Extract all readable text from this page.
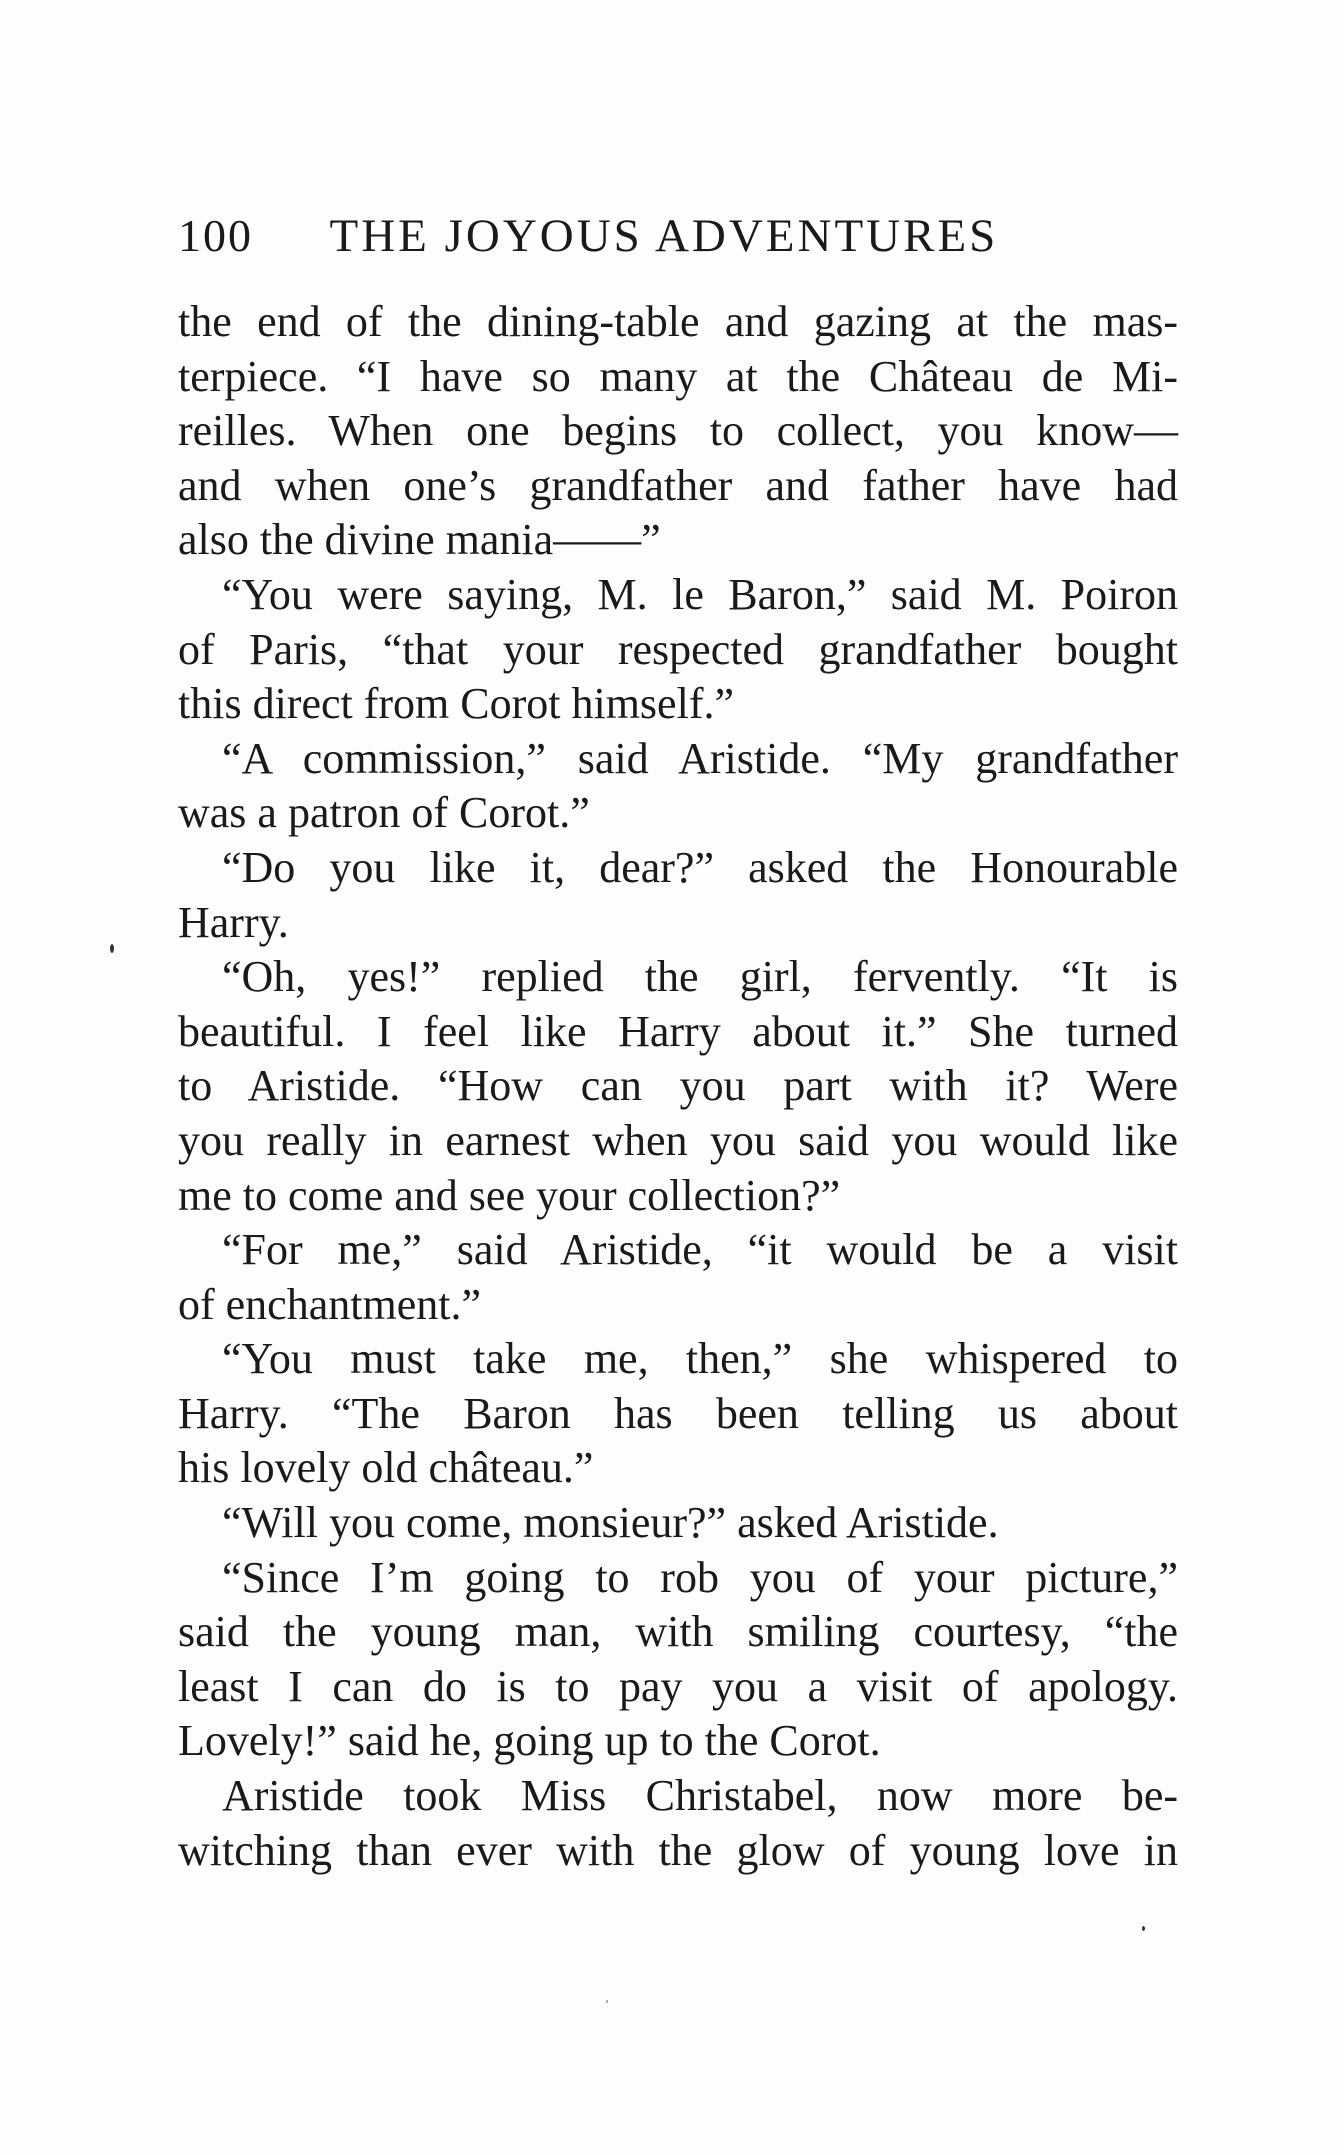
100 THE JOYOUS ADVENTURES
the end of the dining-table and gazing at the mas-
terpiece. “I have so many at the Château de Mi-
reilles. When one begins to collect, you know—
and when one’s grandfather and father have had
also the divine mania——”
“You were saying, M. le Baron,” said M. Poiron
of Paris, “that your respected grandfather bought
this direct from Corot himself.”
“A commission,” said Aristide. “My grandfather
was a patron of Corot.”
“Do you like it, dear?” asked the Honourable
Harry.
“Oh, yes!” replied the girl, fervently. “It is
beautiful. I feel like Harry about it.” She turned
to Aristide. “How can you part with it? Were
you really in earnest when you said you would like
me to come and see your collection?”
“For me,” said Aristide, “it would be a visit
of enchantment.”
“You must take me, then,” she whispered to
Harry. “The Baron has been telling us about
his lovely old château.”
“Will you come, monsieur?” asked Aristide.
“Since I’m going to rob you of your picture,”
said the young man, with smiling courtesy, “the
least I can do is to pay you a visit of apology.
Lovely!” said he, going up to the Corot.
Aristide took Miss Christabel, now more be-
witching than ever with the glow of young love in
